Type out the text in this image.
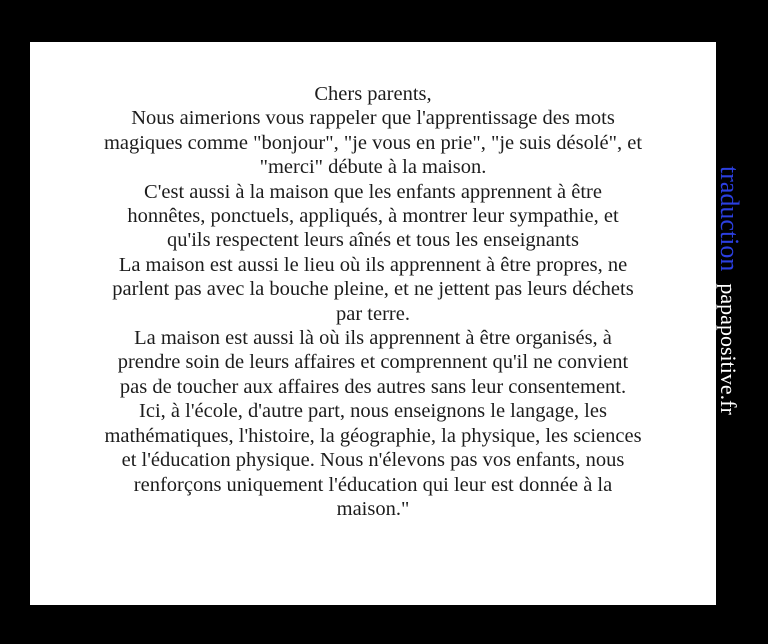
Chers parents,
Nous aimerions vous rappeler que l'apprentissage des mots
magiques comme "bonjour", "je vous en prie", "je suis désolé", et
"merci" débute à la maison.
C'est aussi à la maison que les enfants apprennent à être
honnêtes, ponctuels, appliqués, à montrer leur sympathie, et
qu'ils respectent leurs aînés et tous les enseignants
La maison est aussi le lieu où ils apprennent à être propres, ne
parlent pas avec la bouche pleine, et ne jettent pas leurs déchets
par terre.
La maison est aussi là où ils apprennent à être organisés, à
prendre soin de leurs affaires et comprennent qu'il ne convient
pas de toucher aux affaires des autres sans leur consentement.
Ici, à l'école, d'autre part, nous enseignons le langage, les
mathématiques, l'histoire, la géographie, la physique, les sciences
et l'éducation physique. Nous n'élevons pas vos enfants, nous
renforçons uniquement l'éducation qui leur est donnée à la
maison."
traductionpapapositive.fr
